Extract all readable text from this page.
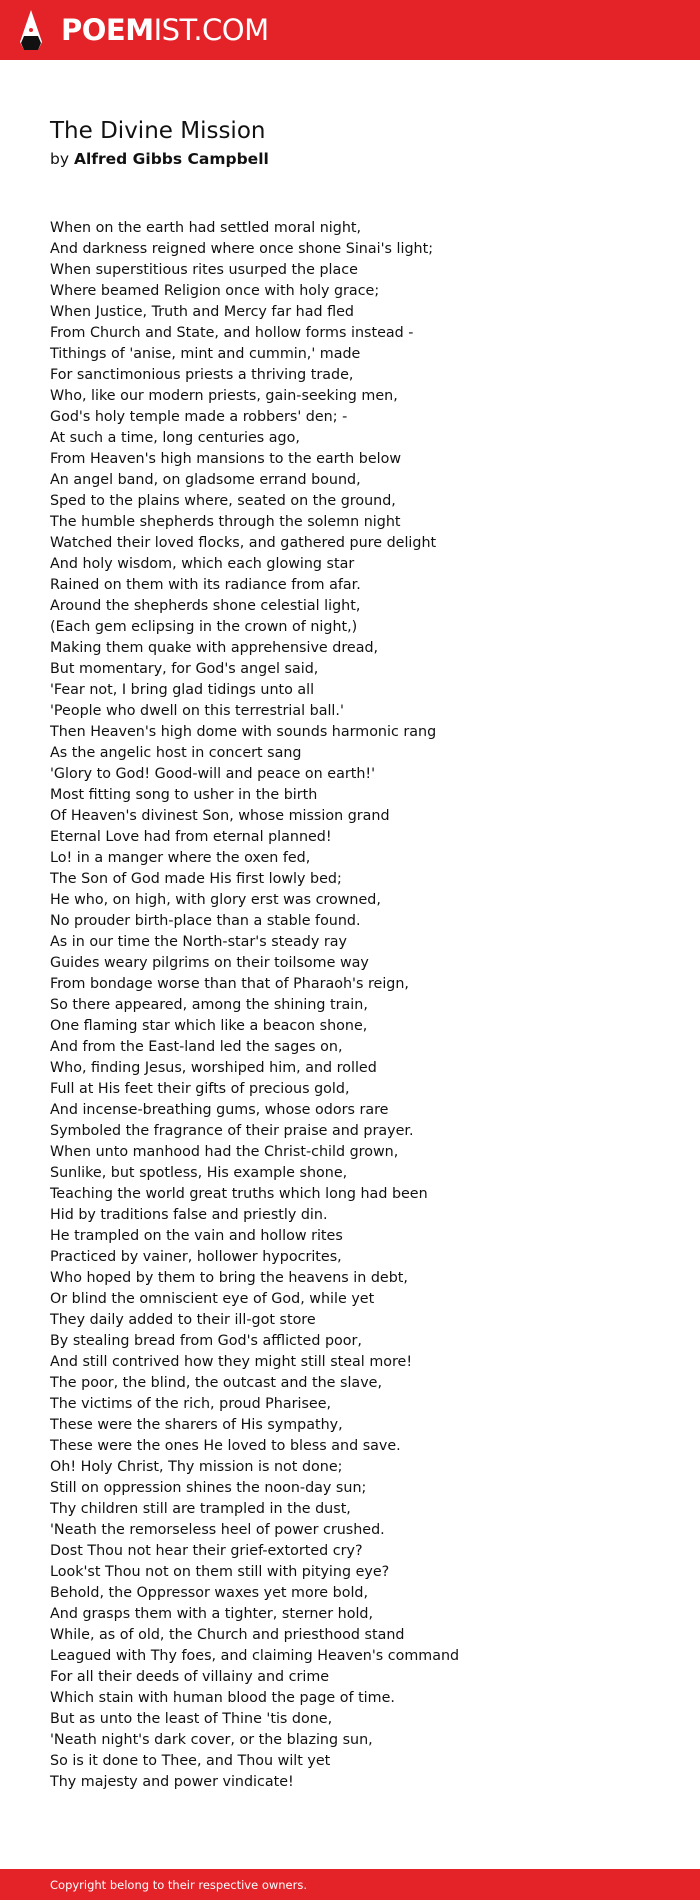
POEMIST.COM
The Divine Mission
by Alfred Gibbs Campbell
When on the earth had settled moral night,
And darkness reigned where once shone Sinai's light;
When superstitious rites usurped the place
Where beamed Religion once with holy grace;
When Justice, Truth and Mercy far had fled
From Church and State, and hollow forms instead -
Tithings of 'anise, mint and cummin,' made
For sanctimonious priests a thriving trade,
Who, like our modern priests, gain-seeking men,
God's holy temple made a robbers' den; -
At such a time, long centuries ago,
From Heaven's high mansions to the earth below
An angel band, on gladsome errand bound,
Sped to the plains where, seated on the ground,
The humble shepherds through the solemn night
Watched their loved flocks, and gathered pure delight
And holy wisdom, which each glowing star
Rained on them with its radiance from afar.
Around the shepherds shone celestial light,
(Each gem eclipsing in the crown of night,)
Making them quake with apprehensive dread,
But momentary, for God's angel said,
'Fear not, I bring glad tidings unto all
'People who dwell on this terrestrial ball.'
Then Heaven's high dome with sounds harmonic rang
As the angelic host in concert sang
'Glory to God! Good-will and peace on earth!'
Most fitting song to usher in the birth
Of Heaven's divinest Son, whose mission grand
Eternal Love had from eternal planned!
Lo! in a manger where the oxen fed,
The Son of God made His first lowly bed;
He who, on high, with glory erst was crowned,
No prouder birth-place than a stable found.
As in our time the North-star's steady ray
Guides weary pilgrims on their toilsome way
From bondage worse than that of Pharaoh's reign,
So there appeared, among the shining train,
One flaming star which like a beacon shone,
And from the East-land led the sages on,
Who, finding Jesus, worshiped him, and rolled
Full at His feet their gifts of precious gold,
And incense-breathing gums, whose odors rare
Symboled the fragrance of their praise and prayer.
When unto manhood had the Christ-child grown,
Sunlike, but spotless, His example shone,
Teaching the world great truths which long had been
Hid by traditions false and priestly din.
He trampled on the vain and hollow rites
Practiced by vainer, hollower hypocrites,
Who hoped by them to bring the heavens in debt,
Or blind the omniscient eye of God, while yet
They daily added to their ill-got store
By stealing bread from God's afflicted poor,
And still contrived how they might still steal more!
The poor, the blind, the outcast and the slave,
The victims of the rich, proud Pharisee,
These were the sharers of His sympathy,
These were the ones He loved to bless and save.
Oh! Holy Christ, Thy mission is not done;
Still on oppression shines the noon-day sun;
Thy children still are trampled in the dust,
'Neath the remorseless heel of power crushed.
Dost Thou not hear their grief-extorted cry?
Look'st Thou not on them still with pitying eye?
Behold, the Oppressor waxes yet more bold,
And grasps them with a tighter, sterner hold,
While, as of old, the Church and priesthood stand
Leagued with Thy foes, and claiming Heaven's command
For all their deeds of villainy and crime
Which stain with human blood the page of time.
But as unto the least of Thine 'tis done,
'Neath night's dark cover, or the blazing sun,
So is it done to Thee, and Thou wilt yet
Thy majesty and power vindicate!
Copyright belong to their respective owners.
